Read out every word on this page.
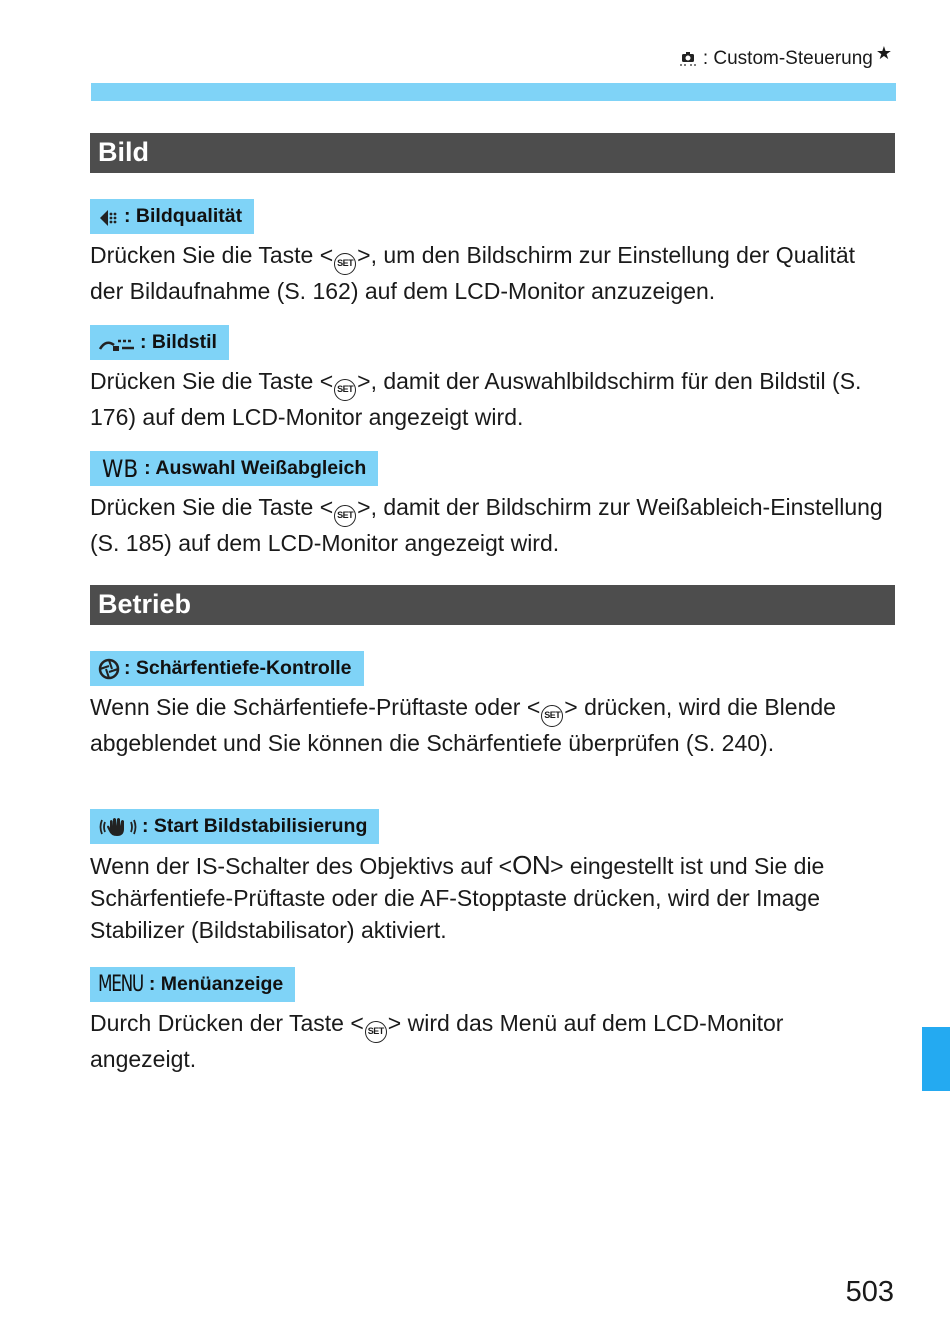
: Custom-Steuerung ★
Bild
: Bildqualität
Drücken Sie die Taste < SET >, um den Bildschirm zur Einstellung der Qualität der Bildaufnahme (S. 162) auf dem LCD-Monitor anzuzeigen.
: Bildstil
Drücken Sie die Taste < SET >, damit der Auswahlbildschirm für den Bildstil (S. 176) auf dem LCD-Monitor angezeigt wird.
WB : Auswahl Weißabgleich
Drücken Sie die Taste < SET >, damit der Bildschirm zur Weißableich-Einstellung (S. 185) auf dem LCD-Monitor angezeigt wird.
Betrieb
: Schärfentiefe-Kontrolle
Wenn Sie die Schärfentiefe-Prüftaste oder < SET > drücken, wird die Blende abgeblendet und Sie können die Schärfentiefe überprüfen (S. 240).
: Start Bildstabilisierung
Wenn der IS-Schalter des Objektivs auf <ON> eingestellt ist und Sie die Schärfentiefe-Prüftaste oder die AF-Stopptaste drücken, wird der Image Stabilizer (Bildstabilisator) aktiviert.
MENU : Menüanzeige
Durch Drücken der Taste < SET > wird das Menü auf dem LCD-Monitor angezeigt.
503
